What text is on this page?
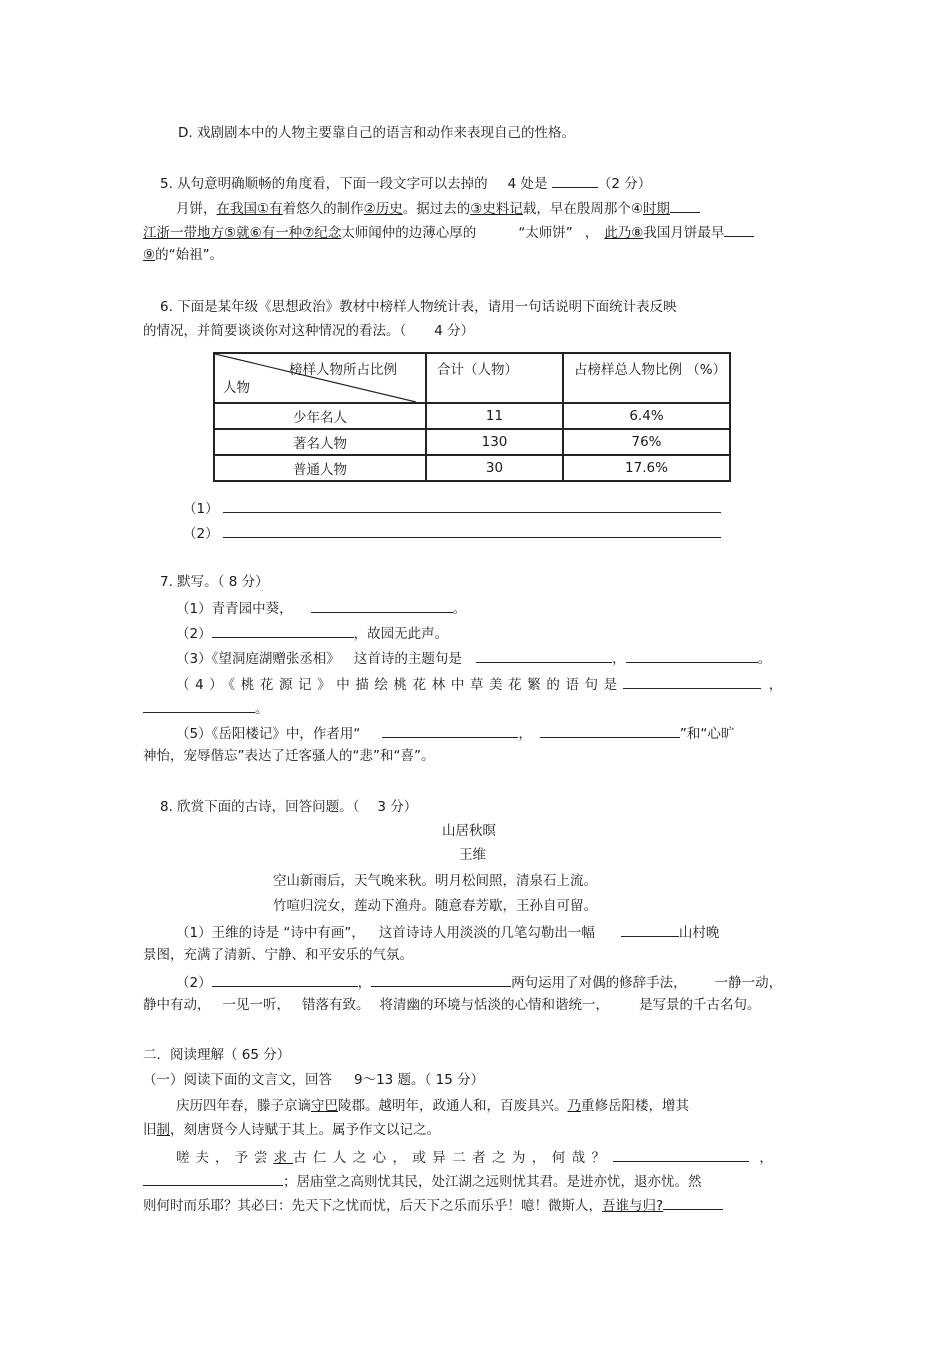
D. 戏剧剧本中的人物主要靠自己的语言和动作来表现自己的性格。
5. 从句意明确顺畅的角度看，下面一段文字可以去掉的 4 处是	（2 分）
月饼，在我国①有着悠久的制作②历史。据过去的③史料记载，早在殷周那个④时期
江浙一带地方⑤就⑥有一种⑦纪念太师闻仲的边薄心厚的	“太师饼” ， 此乃⑧我国月饼最早
⑨的“始祖”。
6. 下面是某年级《思想政治》教材中榜样人物统计表，请用一句话说明下面统计表反映
的情况，并简要谈谈你对这种情况的看法。（ 4 分）
榜样人物所占比例
人物	合计（人物）	占榜样总人物比例 （%）
少年名人	11	6.4%
著名人物	130	76%
普通人物	30	17.6%
（1）
（2）
7. 默写。（ 8 分）
（1）青青园中葵，	。
（2）	，故园无此声。
（3）《望洞庭湖赠张丞相》 这首诗的主题句是	，	。
（4）《桃花源记》中描绘桃花林中草美花繁的语句是	，
。
（5）《岳阳楼记》中，作者用“	，	”和“心旷
神怡，宠辱偕忘”表达了迁客骚人的“悲”和“喜”。
8. 欣赏下面的古诗，回答问题。（ 3 分）
山居秋暝
王维
空山新雨后，天气晚来秋。明月松间照，清泉石上流。
竹喧归浣女，莲动下渔舟。随意春芳歇，王孙自可留。
（1）王维的诗是 “诗中有画”， 这首诗诗人用淡淡的几笔勾勒出一幅	山村晚
景图，充满了清新、宁静、和平安乐的气氛。
（2）	，	两句运用了对偶的修辞手法， 一静一动，
静中有动， 一见一听， 错落有致。 将清幽的环境与恬淡的心情和谐统一， 是写景的千古名句。
二．阅读理解（ 65 分）
（一）阅读下面的文言文，回答 9～13 题。（ 15 分）
庆历四年春，滕子京谪守巴陵郡。越明年，政通人和，百废具兴。乃重修岳阳楼，增其
旧制，刻唐贤今人诗赋于其上。属予作文以记之。
嗟夫，予尝求古仁人之心，或异二者之为，何哉？	，
；居庙堂之高则忧其民，处江湖之远则忧其君。是进亦忧，退亦忧。然
则何时而乐耶？其必曰：先天下之忧而忧，后天下之乐而乐乎！噫！微斯人，吾谁与归?
